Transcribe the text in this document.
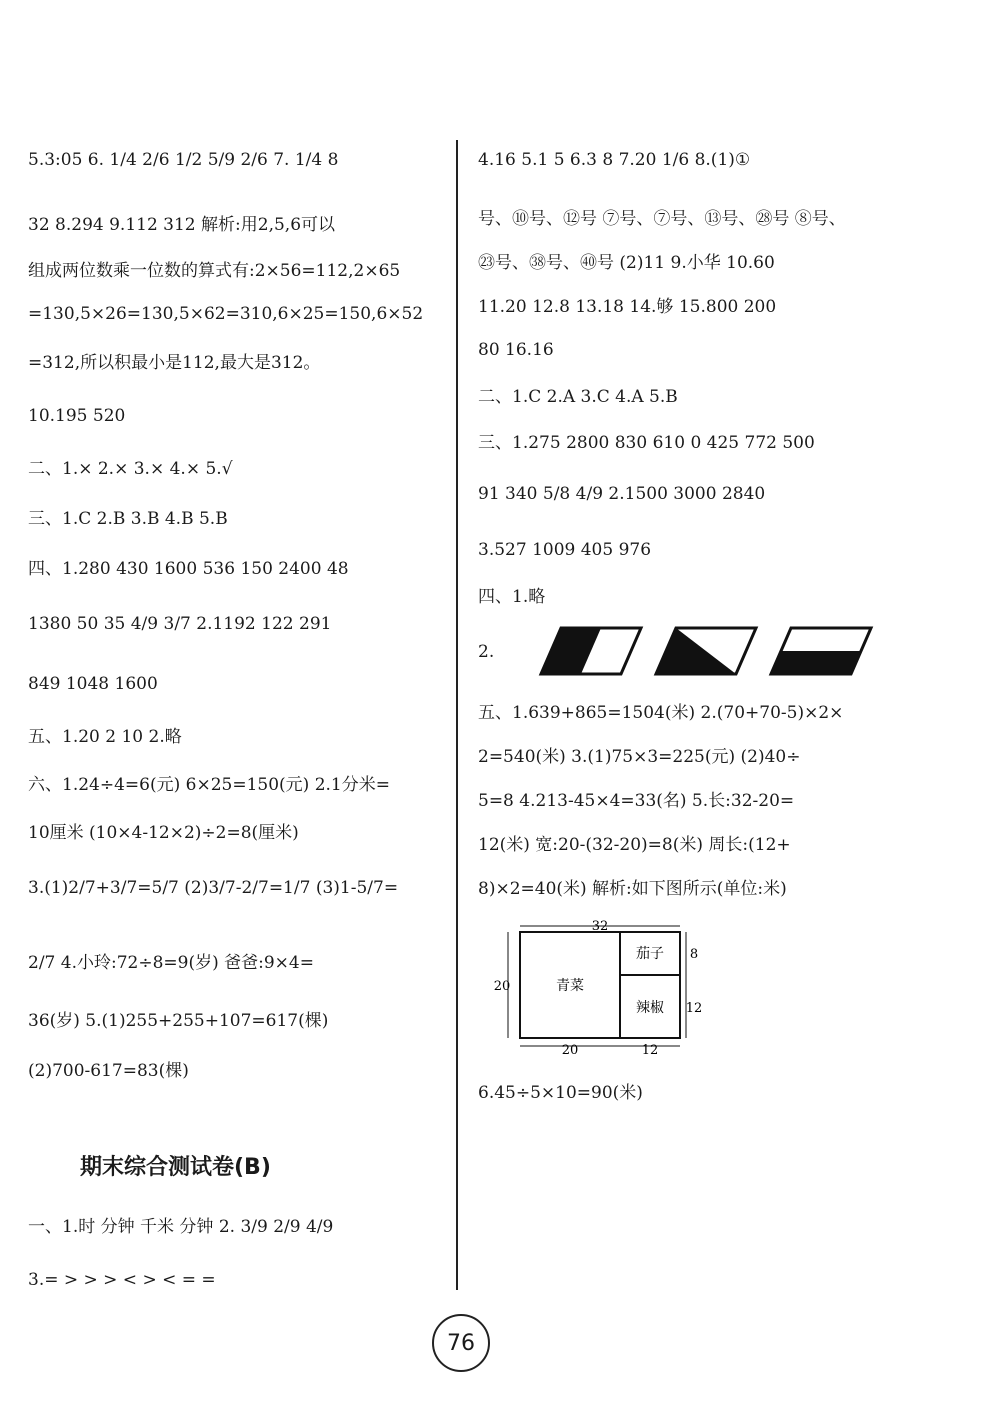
5.3:05 6. 1/4 2/6 1/2 5/9 2/6 7. 1/4 8
32 8.294 9.112 312 解析:用2,5,6可以
组成两位数乘一位数的算式有:2×56=112,2×65
=130,5×26=130,5×62=310,6×25=150,6×52
=312,所以积最小是112,最大是312。
10.195 520
二、1.× 2.× 3.× 4.× 5.√
三、1.C 2.B 3.B 4.B 5.B
四、1.280 430 1600 536 150 2400 48
1380 50 35 4/9 3/7 2.1192 122 291
849 1048 1600
五、1.20 2 10 2.略
六、1.24÷4=6(元) 6×25=150(元) 2.1分米=
10厘米 (10×4-12×2)÷2=8(厘米)
3.(1)2/7+3/7=5/7 (2)3/7-2/7=1/7 (3)1-5/7=
2/7 4.小玲:72÷8=9(岁) 爸爸:9×4=
36(岁) 5.(1)255+255+107=617(棵)
(2)700-617=83(棵)
一、1.时 分钟 千米 分钟 2. 3/9 2/9 4/9
3.= > > > < > < = =
期末综合测试卷(B)
4.16 5.1 5 6.3 8 7.20 1/6 8.(1)①
号、⑩号、⑫号 ⑦号、⑦号、⑬号、㉘号 ⑧号、
㉓号、㊳号、㊵号 (2)11 9.小华 10.60
11.20 12.8 13.18 14.够 15.800 200
80 16.16
二、1.C 2.A 3.C 4.A 5.B
三、1.275 2800 830 610 0 425 772 500
91 340 5/8 4/9 2.1500 3000 2840
3.527 1009 405 976
四、1.略
2.
五、1.639+865=1504(米) 2.(70+70-5)×2×
2=540(米) 3.(1)75×3=225(元) (2)40÷
5=8 4.213-45×4=33(名) 5.长:32-20=
12(米) 宽:20-(32-20)=8(米) 周长:(12+
8)×2=40(米) 解析:如下图所示(单位:米)
32
20
8
12
20	12
青菜
茄子
辣椒
6.45÷5×10=90(米)
76
